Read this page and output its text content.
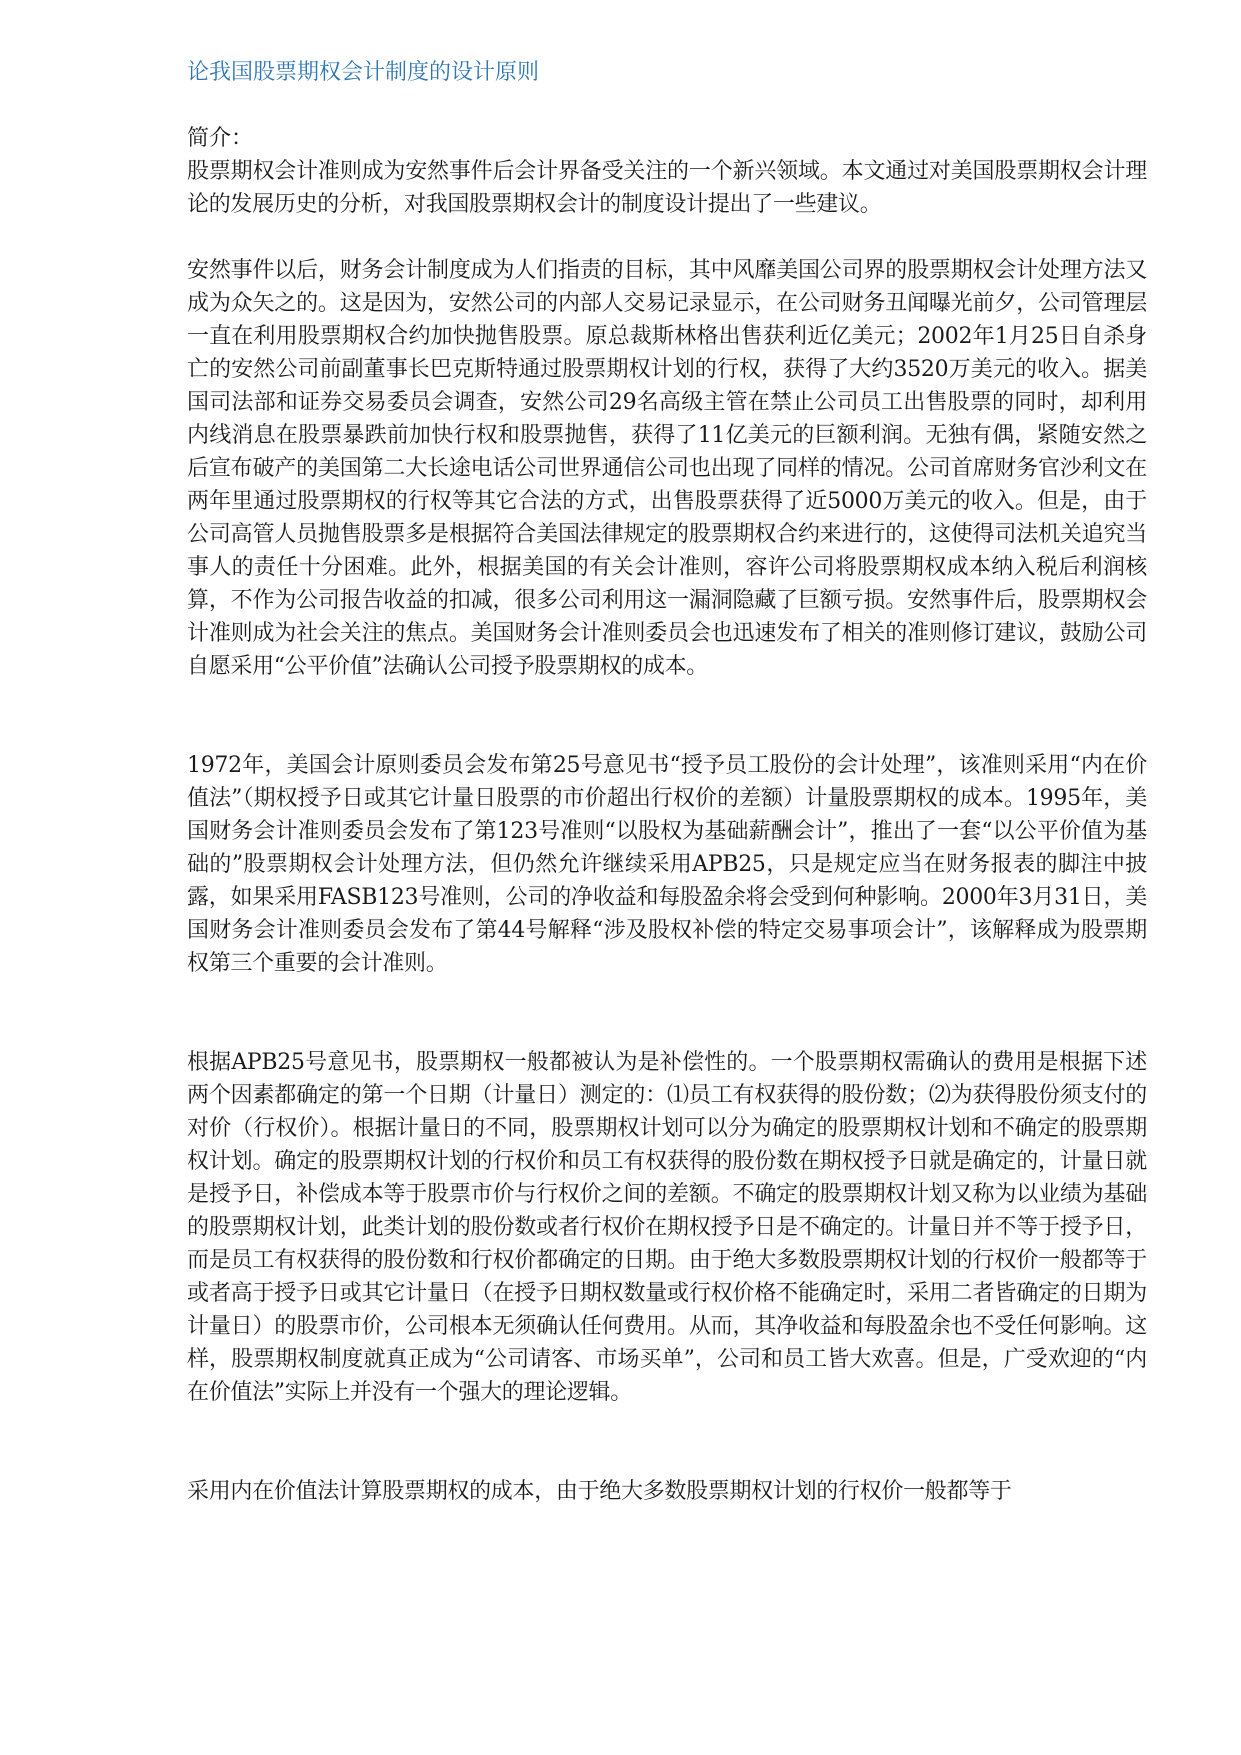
论我国股票期权会计制度的设计原则

简介：

股票期权会计准则成为安然事件后会计界备受关注的一个新兴领域。本文通过对美国股票期权会计理论的发展历史的分析，对我国股票期权会计的制度设计提出了一些建议。

安然事件以后，财务会计制度成为人们指责的目标，其中风靡美国公司界的股票期权会计处理方法又成为众矢之的。这是因为，安然公司的内部人交易记录显示，在公司财务丑闻曝光前夕，公司管理层一直在利用股票期权合约加快抛售股票。原总裁斯林格出售获利近亿美元；2002年1月25日自杀身亡的安然公司前副董事长巴克斯特通过股票期权计划的行权，获得了大约3520万美元的收入。据美国司法部和证券交易委员会调查，安然公司29名高级主管在禁止公司员工出售股票的同时，却利用内线消息在股票暴跌前加快行权和股票抛售，获得了11亿美元的巨额利润。无独有偶，紧随安然之后宣布破产的美国第二大长途电话公司世界通信公司也出现了同样的情况。公司首席财务官沙利文在两年里通过股票期权的行权等其它合法的方式，出售股票获得了近5000万美元的收入。但是，由于公司高管人员抛售股票多是根据符合美国法律规定的股票期权合约来进行的，这使得司法机关追究当事人的责任十分困难。此外，根据美国的有关会计准则，容许公司将股票期权成本纳入税后利润核算，不作为公司报告收益的扣减，很多公司利用这一漏洞隐藏了巨额亏损。安然事件后，股票期权会计准则成为社会关注的焦点。美国财务会计准则委员会也迅速发布了相关的准则修订建议，鼓励公司自愿采用“公平价值”法确认公司授予股票期权的成本。

1972年，美国会计原则委员会发布第25号意见书“授予员工股份的会计处理”，该准则采用“内在价值法”（期权授予日或其它计量日股票的市价超出行权价的差额）计量股票期权的成本。1995年，美国财务会计准则委员会发布了第123号准则“以股权为基础薪酬会计”，推出了一套“以公平价值为基础的”股票期权会计处理方法，但仍然允许继续采用APB25，只是规定应当在财务报表的脚注中披露，如果采用FASB123号准则，公司的净收益和每股盈余将会受到何种影响。2000年3月31日，美国财务会计准则委员会发布了第44号解释“涉及股权补偿的特定交易事项会计”，该解释成为股票期权第三个重要的会计准则。

根据APB25号意见书，股票期权一般都被认为是补偿性的。一个股票期权需确认的费用是根据下述两个因素都确定的第一个日期（计量日）测定的：⑴员工有权获得的股份数；⑵为获得股份须支付的对价（行权价）。根据计量日的不同，股票期权计划可以分为确定的股票期权计划和不确定的股票期权计划。确定的股票期权计划的行权价和员工有权获得的股份数在期权授予日就是确定的，计量日就是授予日，补偿成本等于股票市价与行权价之间的差额。不确定的股票期权计划又称为以业绩为基础的股票期权计划，此类计划的股份数或者行权价在期权授予日是不确定的。计量日并不等于授予日，而是员工有权获得的股份数和行权价都确定的日期。由于绝大多数股票期权计划的行权价一般都等于或者高于授予日或其它计量日（在授予日期权数量或行权价格不能确定时，采用二者皆确定的日期为计量日）的股票市价，公司根本无须确认任何费用。从而，其净收益和每股盈余也不受任何影响。这样，股票期权制度就真正成为“公司请客、市场买单”，公司和员工皆大欢喜。但是，广受欢迎的“内在价值法”实际上并没有一个强大的理论逻辑。

采用内在价值法计算股票期权的成本，由于绝大多数股票期权计划的行权价一般都等于
